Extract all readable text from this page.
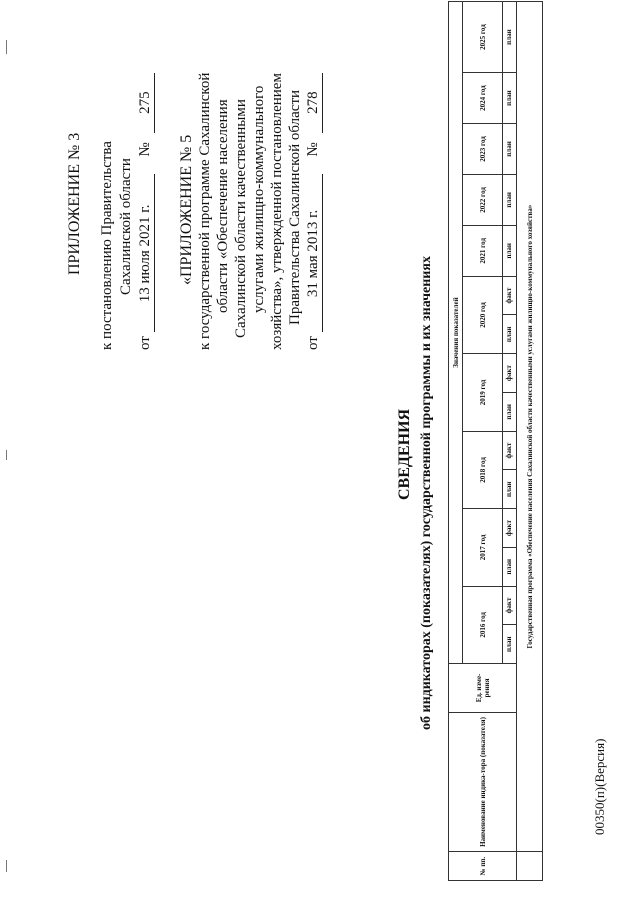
ПРИЛОЖЕНИЕ № 3 к постановлению Правительства Сахалинской области
от 13 июля 2021 г. № 275
«ПРИЛОЖЕНИЕ № 5 к государственной программе Сахалинской области «Обеспечение населения Сахалинской области качественными услугами жилищно-коммунального хозяйства», утвержденной постановлением Правительства Сахалинской области
от 31 мая 2013 г. № 278
СВЕДЕНИЯ об индикаторах (показателях) государственной программы и их значениях
№ пп.	Наименование индика-тора (показателя)	Ед. изме-рения	Значения показателей														
			2016 год		2017 год		2018 год		2019 год		2020 год		2021 год	2022 год	2023 год	2024 год	2025 год
			план	факт	план	факт	план	факт	план	факт	план	факт	план	план	план	план	план
	Государственная программа «Обеспечение населения Сахалинской области качественными услугами жилищно-коммунального хозяйства»																
00350(п)(Версия)
